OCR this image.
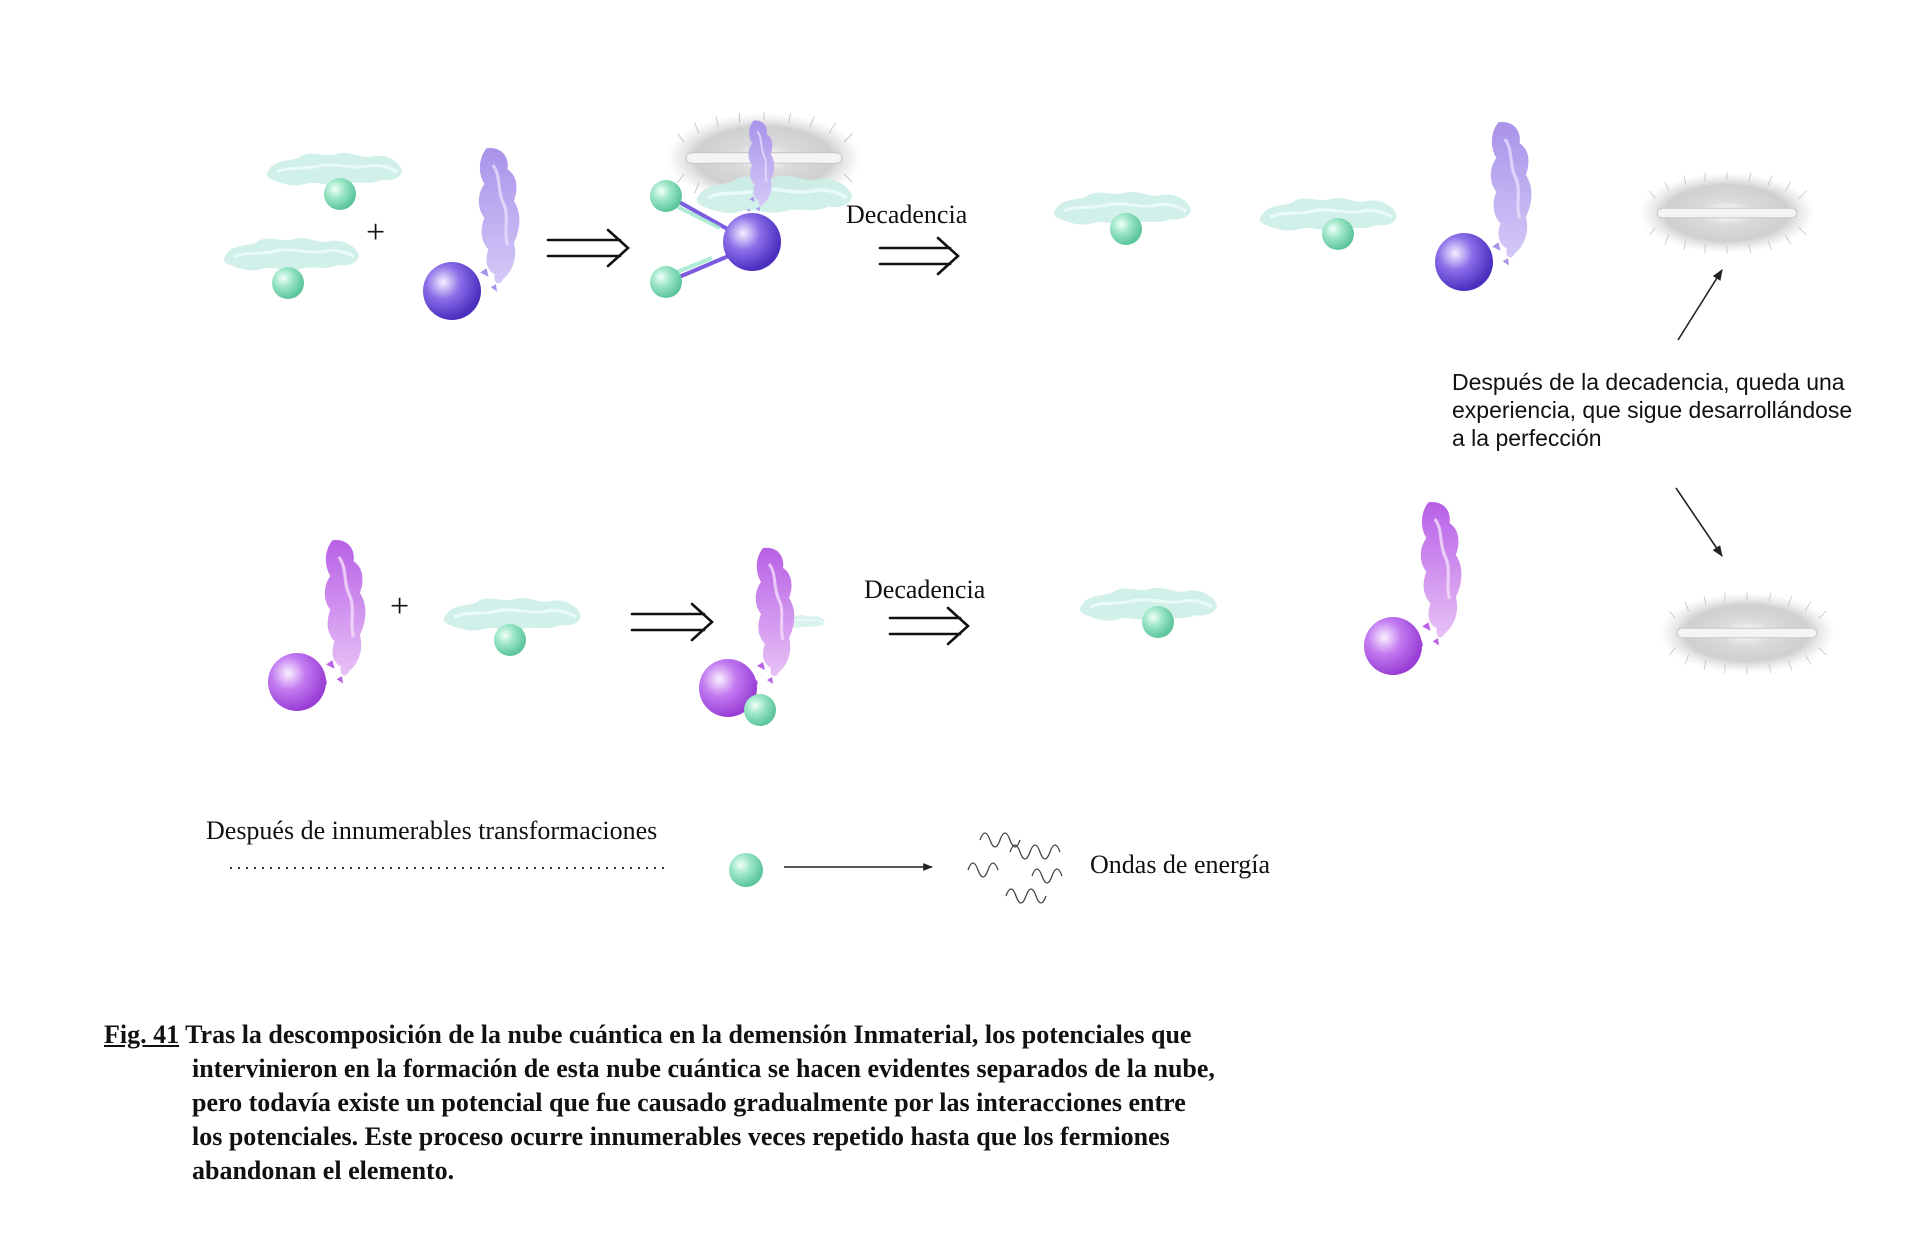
+	Decadencia
+	Decadencia
Después de la decadencia, queda una
experiencia, que sigue desarrollándose
a la perfección
Después de innumerables transformaciones
Ondas de energía
Fig. 41 Tras la descomposición de la nube cuántica en la demensión Inmaterial, los potenciales que
intervinieron en la formación de esta nube cuántica se hacen evidentes separados de la nube,
pero todavía existe un potencial que fue causado gradualmente por las interacciones entre
los potenciales. Este proceso ocurre innumerables veces repetido hasta que los fermiones
abandonan el elemento.
